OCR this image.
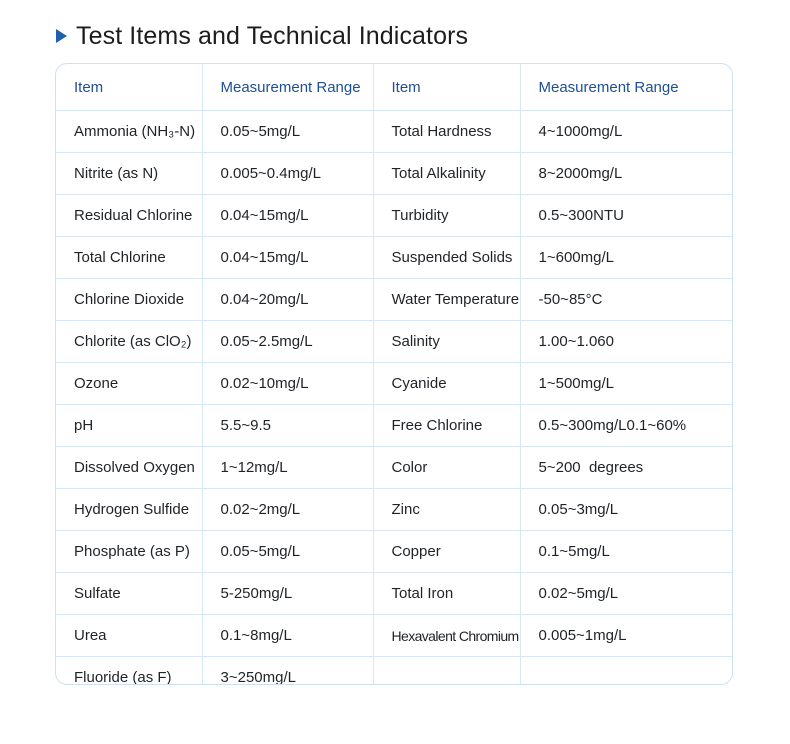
Test Items and Technical Indicators
Item	Measurement Range	Item	Measurement Range
Ammonia (NH₃-N)	0.05~5mg/L	Total Hardness	4~1000mg/L
Nitrite (as N)	0.005~0.4mg/L	Total Alkalinity	8~2000mg/L
Residual Chlorine	0.04~15mg/L	Turbidity	0.5~300NTU
Total Chlorine	0.04~15mg/L	Suspended Solids	1~600mg/L
Chlorine Dioxide	0.04~20mg/L	Water Temperature	-50~85°C
Chlorite (as ClO₂)	0.05~2.5mg/L	Salinity	1.00~1.060
Ozone	0.02~10mg/L	Cyanide	1~500mg/L
pH	5.5~9.5	Free Chlorine	0.5~300mg/L0.1~60%
Dissolved Oxygen	1~12mg/L	Color	5~200  degrees
Hydrogen Sulfide	0.02~2mg/L	Zinc	0.05~3mg/L
Phosphate (as P)	0.05~5mg/L	Copper	0.1~5mg/L
Sulfate	5-250mg/L	Total Iron	0.02~5mg/L
Urea	0.1~8mg/L	Hexavalent Chromium	0.005~1mg/L
Fluoride (as F)	3~250mg/L		
